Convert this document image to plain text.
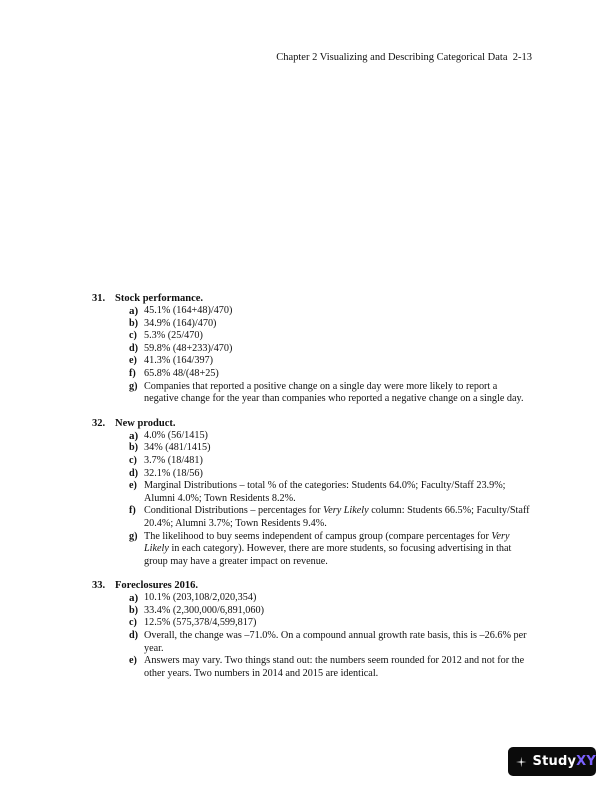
Chapter 2 Visualizing and Describing Categorical Data 2-13
31. Stock performance.
a) 45.1% (164+48)/470)
b) 34.9% (164)/470)
c) 5.3% (25/470)
d) 59.8% (48+233)/470)
e) 41.3% (164/397)
f) 65.8% 48/(48+25)
g) Companies that reported a positive change on a single day were more likely to report a negative change for the year than companies who reported a negative change on a single day.
32. New product.
a) 4.0% (56/1415)
b) 34% (481/1415)
c) 3.7% (18/481)
d) 32.1% (18/56)
e) Marginal Distributions – total % of the categories: Students 64.0%; Faculty/Staff 23.9%; Alumni 4.0%; Town Residents 8.2%.
f) Conditional Distributions – percentages for Very Likely column: Students 66.5%; Faculty/Staff 20.4%; Alumni 3.7%; Town Residents 9.4%.
g) The likelihood to buy seems independent of campus group (compare percentages for Very Likely in each category). However, there are more students, so focusing advertising in that group may have a greater impact on revenue.
33. Foreclosures 2016.
a) 10.1% (203,108/2,020,354)
b) 33.4% (2,300,000/6,891,060)
c) 12.5% (575,378/4,599,817)
d) Overall, the change was –71.0%. On a compound annual growth rate basis, this is –26.6% per year.
e) Answers may vary. Two things stand out: the numbers seem rounded for 2012 and not for the other years. Two numbers in 2014 and 2015 are identical.
StudyXY
